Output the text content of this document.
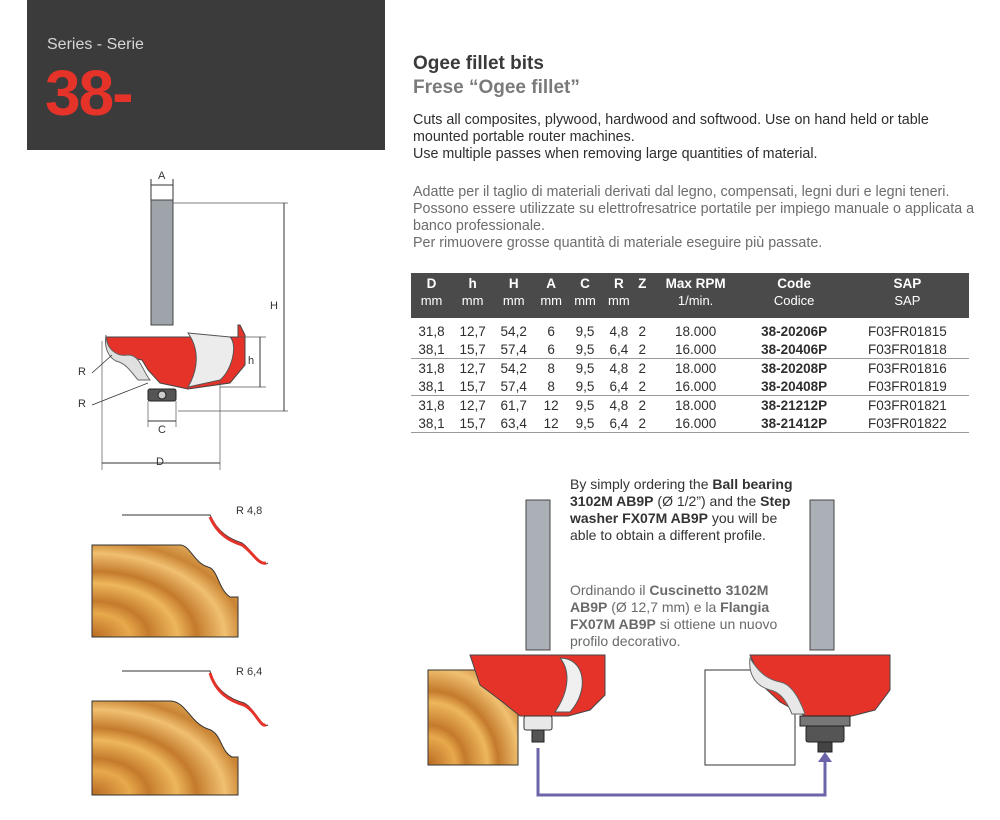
Series - Serie
38-	Ogee fillet bits
Frese “Ogee fillet”

Cuts all composites, plywood, hardwood and softwood. Use on hand held or table mounted portable router machines.

Use multiple passes when removing large quantities of material.

Adatte per il taglio di materiali derivati dal legno, compensati, legni duri e legni teneri. Possono essere utilizzate su elettrofresatrice portatile per impiego manuale o applicata a banco professionale.

Per rimuovere grosse quantità di materiale eseguire più passate.

D	h	H	A	C	R	Z	Max RPM	Code	SAP
mm	mm	mm	mm	mm	mm		1/min.	Codice	SAP
31,8	12,7	54,2	6	9,5	4,8	2	18.000	38-20206P	F03FR01815
38,1	15,7	57,4	6	9,5	6,4	2	16.000	38-20406P	F03FR01818
31,8	12,7	54,2	8	9,5	4,8	2	18.000	38-20208P	F03FR01816
38,1	15,7	57,4	8	9,5	6,4	2	16.000	38-20408P	F03FR01819
31,8	12,7	61,7	12	9,5	4,8	2	18.000	38-21212P	F03FR01821
38,1	15,7	63,4	12	9,5	6,4	2	16.000	38-21412P	F03FR01822
A
H
h
R
R
C
D
R 4,8
R 6,4

By simply ordering the Ball bearing 3102M AB9P (Ø 1/2”) and the Step washer FX07M AB9P you will be able to obtain a different profile.

Ordinando il Cuscinetto 3102M AB9P (Ø 12,7 mm) e la Flangia FX07M AB9P si ottiene un nuovo profilo decorativo.
